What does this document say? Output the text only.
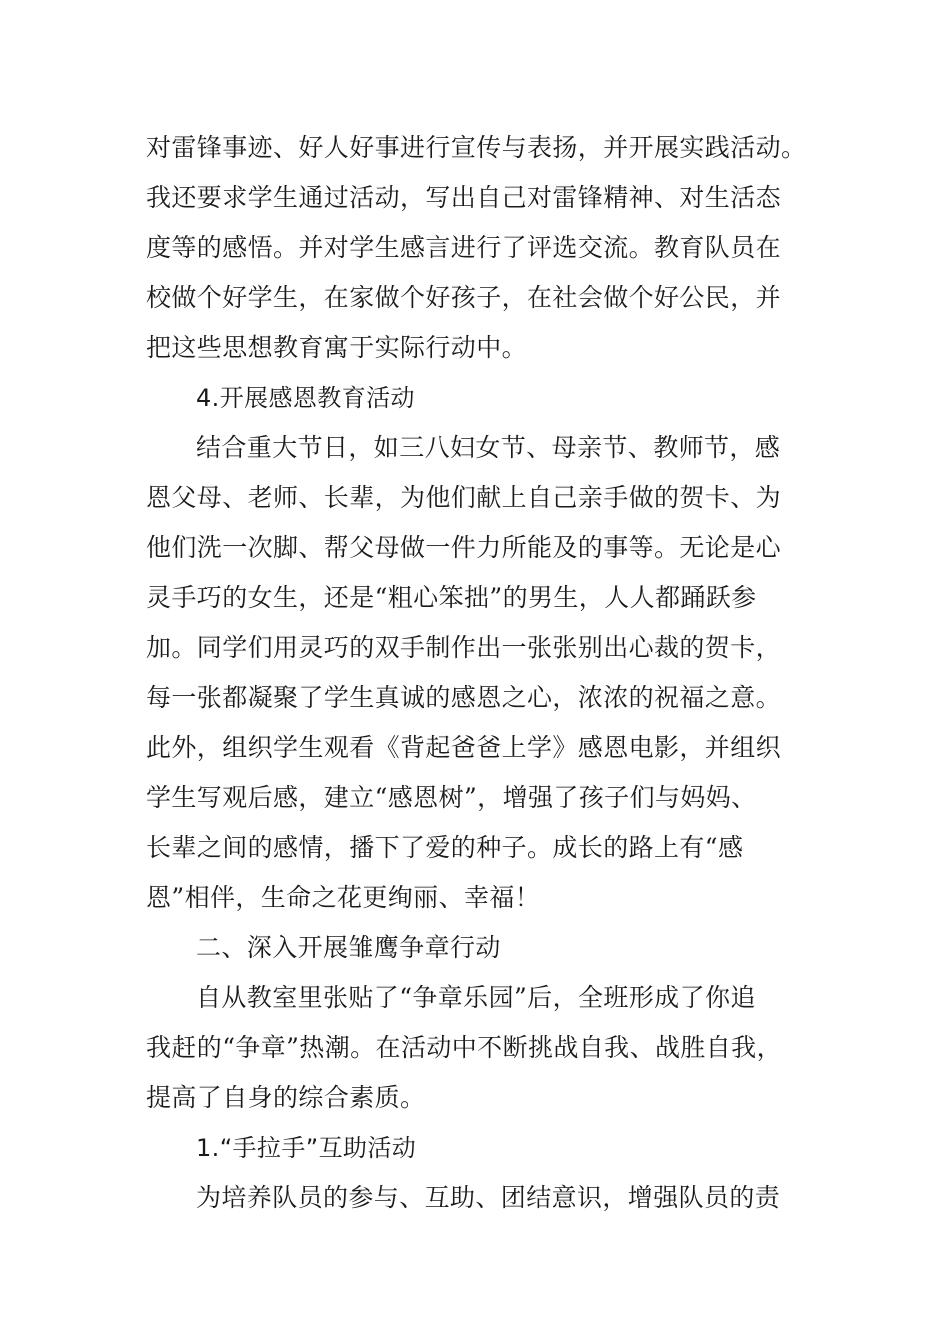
对雷锋事迹、好人好事进行宣传与表扬，并开展实践活动。
我还要求学生通过活动，写出自己对雷锋精神、对生活态
度等的感悟。并对学生感言进行了评选交流。教育队员在
校做个好学生，在家做个好孩子，在社会做个好公民，并
把这些思想教育寓于实际行动中。
4.开展感恩教育活动
结合重大节日，如三八妇女节、母亲节、教师节，感
恩父母、老师、长辈，为他们献上自己亲手做的贺卡、为
他们洗一次脚、帮父母做一件力所能及的事等。无论是心
灵手巧的女生，还是“粗心笨拙”的男生，人人都踊跃参
加。同学们用灵巧的双手制作出一张张别出心裁的贺卡，
每一张都凝聚了学生真诚的感恩之心，浓浓的祝福之意。
此外，组织学生观看《背起爸爸上学》感恩电影，并组织
学生写观后感，建立“感恩树”，增强了孩子们与妈妈、
长辈之间的感情，播下了爱的种子。成长的路上有“感
恩”相伴，生命之花更绚丽、幸福！
二、深入开展雏鹰争章行动
自从教室里张贴了“争章乐园”后，全班形成了你追
我赶的“争章”热潮。在活动中不断挑战自我、战胜自我，
提高了自身的综合素质。
1.“手拉手”互助活动
为培养队员的参与、互助、团结意识，增强队员的责
